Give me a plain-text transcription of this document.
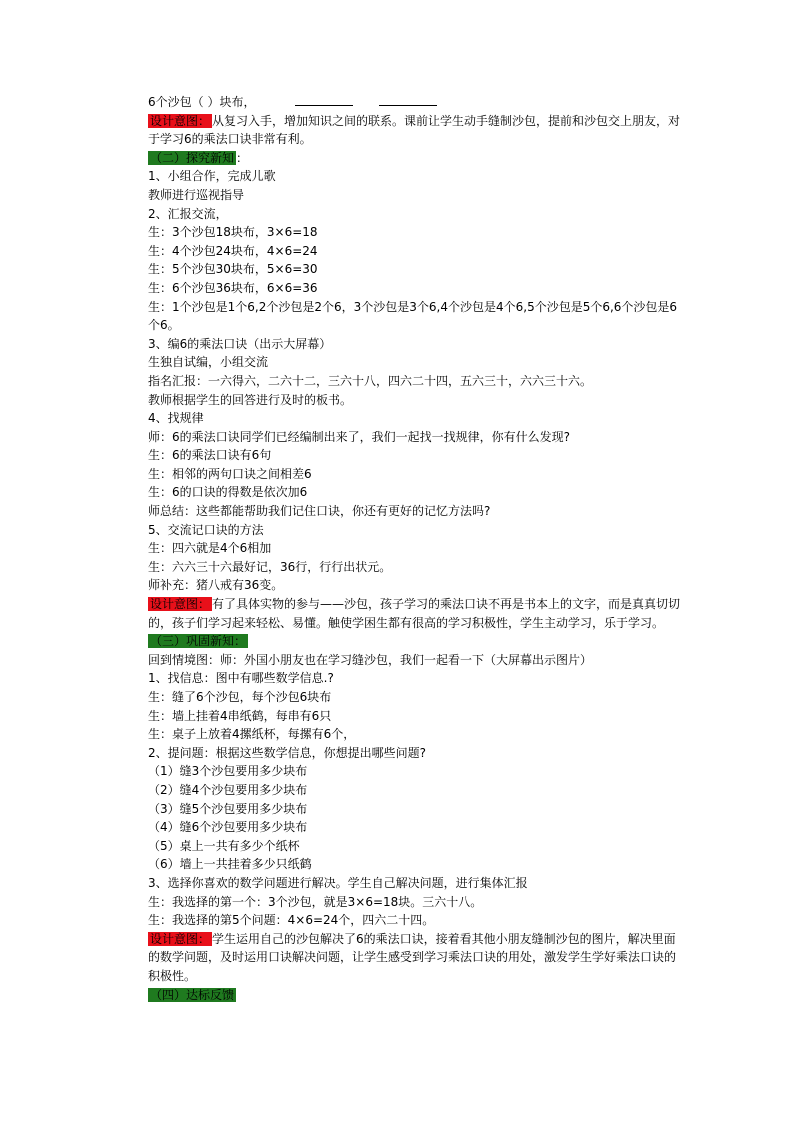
6个沙包（ ）块布，
设计意图： 从复习入手，增加知识之间的联系。课前让学生动手缝制沙包，提前和沙包交上朋友，对于学习6的乘法口诀非常有利。
（二）探究新知 ：
1、小组合作，完成儿歌
教师进行巡视指导
2、汇报交流，
生：3个沙包18块布，3×6=18
生：4个沙包24块布，4×6=24
生：5个沙包30块布，5×6=30
生：6个沙包36块布，6×6=36
生：1个沙包是1个6,2个沙包是2个6，3个沙包是3个6,4个沙包是4个6,5个沙包是5个6,6个沙包是6个6。
3、编6的乘法口诀（出示大屏幕）
生独自试编，小组交流
指名汇报：一六得六，二六十二，三六十八，四六二十四，五六三十，六六三十六。
教师根据学生的回答进行及时的板书。
4、找规律
师：6的乘法口诀同学们已经编制出来了，我们一起找一找规律，你有什么发现?
生：6的乘法口诀有6句
生：相邻的两句口诀之间相差6
生：6的口诀的得数是依次加6
师总结：这些都能帮助我们记住口诀，你还有更好的记忆方法吗?
5、交流记口诀的方法
生：四六就是4个6相加
生：六六三十六最好记，36行，行行出状元。
师补充：猪八戒有36变。
设计意图： 有了具体实物的参与——沙包，孩子学习的乘法口诀不再是书本上的文字，而是真真切切的，孩子们学习起来轻松、易懂。触使学困生都有很高的学习积极性，学生主动学习，乐于学习。
（三）巩固新知：
回到情境图：师：外国小朋友也在学习缝沙包，我们一起看一下（大屏幕出示图片）
1、找信息：图中有哪些数学信息.?
生：缝了6个沙包，每个沙包6块布
生：墙上挂着4串纸鹤，每串有6只
生：桌子上放着4摞纸杯，每摞有6个，
2、提问题：根据这些数学信息，你想提出哪些问题?
（1）缝3个沙包要用多少块布
（2）缝4个沙包要用多少块布
（3）缝5个沙包要用多少块布
（4）缝6个沙包要用多少块布
（5）桌上一共有多少个纸杯
（6）墙上一共挂着多少只纸鹤
3、选择你喜欢的数学问题进行解决。学生自己解决问题，进行集体汇报
生：我选择的第一个：3个沙包，就是3×6=18块。三六十八。
生：我选择的第5个问题：4×6=24个，四六二十四。
设计意图： 学生运用自己的沙包解决了6的乘法口诀，接着看其他小朋友缝制沙包的图片，解决里面的数学问题，及时运用口诀解决问题，让学生感受到学习乘法口诀的用处，激发学生学好乘法口诀的积极性。
（四）达标反馈
